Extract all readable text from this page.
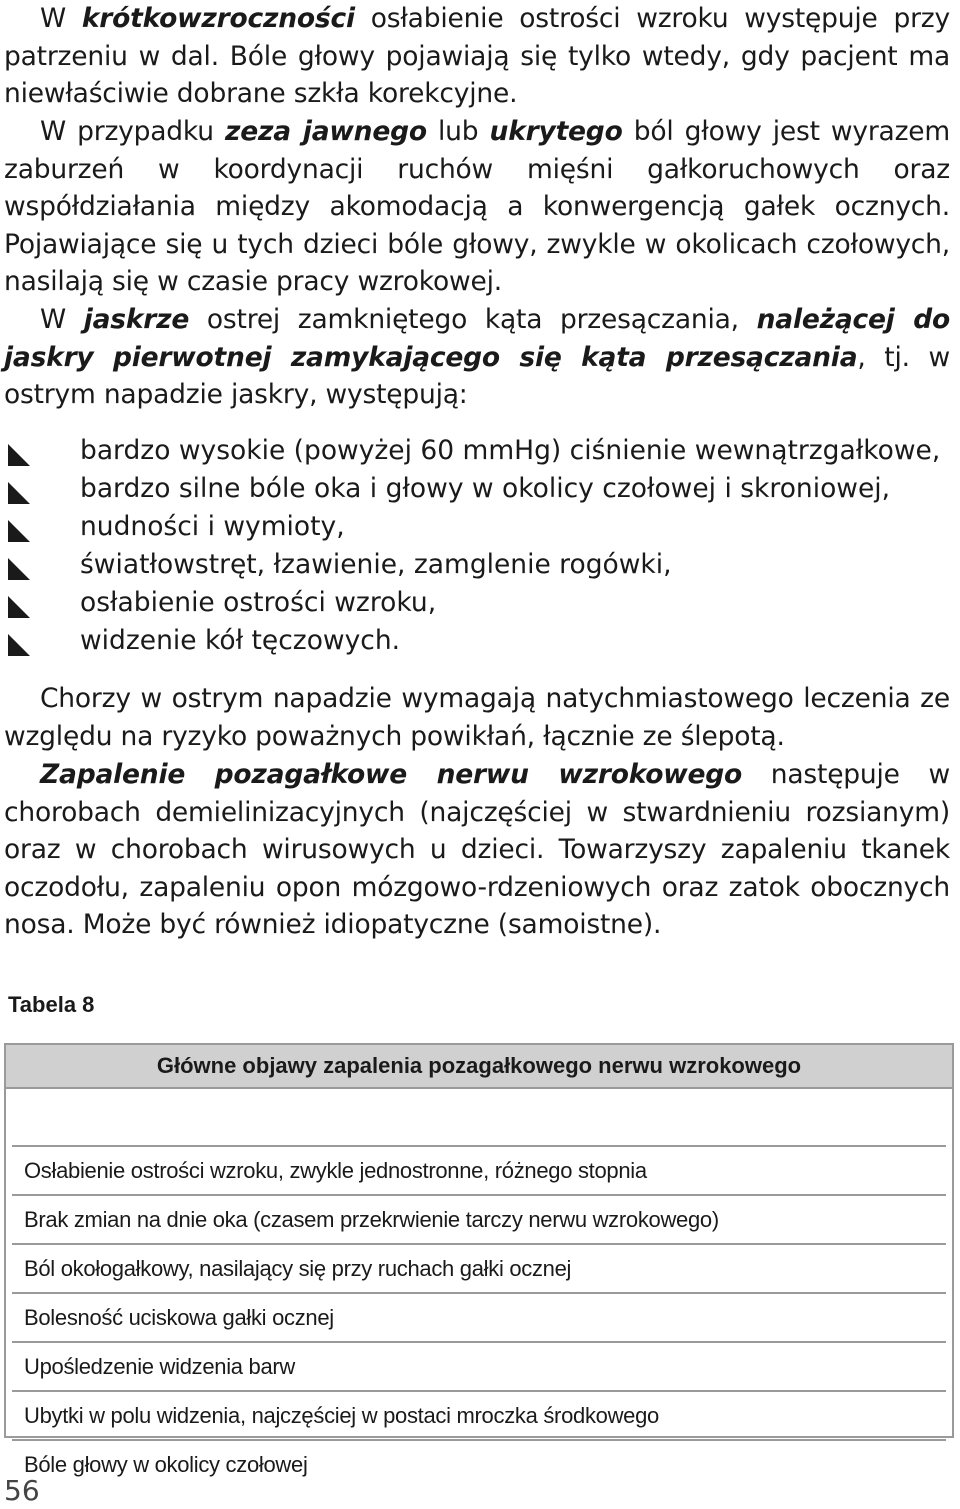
W krótkowzroczności osłabienie ostrości wzroku występuje przy patrzeniu w dal. Bóle głowy pojawiają się tylko wtedy, gdy pacjent ma niewłaściwie dobrane szkła korekcyjne.

W przypadku zeza jawnego lub ukrytego ból głowy jest wyrazem zaburzeń w koordynacji ruchów mięśni gałkoruchowych oraz współdziałania między akomodacją a konwergencją gałek ocznych. Pojawiające się u tych dzieci bóle głowy, zwykle w okolicach czołowych, nasilają się w czasie pracy wzrokowej.

W jaskrze ostrej zamkniętego kąta przesączania, należącej do jaskry pierwotnej zamykającego się kąta przesączania, tj. w ostrym napadzie jaskry, występują:

bardzo wysokie (powyżej 60 mmHg) ciśnienie wewnątrzgałkowe,
bardzo silne bóle oka i głowy w okolicy czołowej i skroniowej,
nudności i wymioty,
światłowstręt, łzawienie, zamglenie rogówki,
osłabienie ostrości wzroku,
widzenie kół tęczowych.

Chorzy w ostrym napadzie wymagają natychmiastowego leczenia ze względu na ryzyko poważnych powikłań, łącznie ze ślepotą.

Zapalenie pozagałkowe nerwu wzrokowego następuje w chorobach demielinizacyjnych (najczęściej w stwardnieniu rozsianym) oraz w chorobach wirusowych u dzieci. Towarzyszy zapaleniu tkanek oczodołu, zapaleniu opon mózgowo-rdzeniowych oraz zatok obocznych nosa. Może być również idiopatyczne (samoistne).

Tabela 8
Główne objawy zapalenia pozagałkowego nerwu wzrokowego
Osłabienie ostrości wzroku, zwykle jednostronne, różnego stopnia
Brak zmian na dnie oka (czasem przekrwienie tarczy nerwu wzrokowego)
Ból okołogałkowy, nasilający się przy ruchach gałki ocznej
Bolesność uciskowa gałki ocznej
Upośledzenie widzenia barw
Ubytki w polu widzenia, najczęściej w postaci mroczka środkowego
Bóle głowy w okolicy czołowej
56
